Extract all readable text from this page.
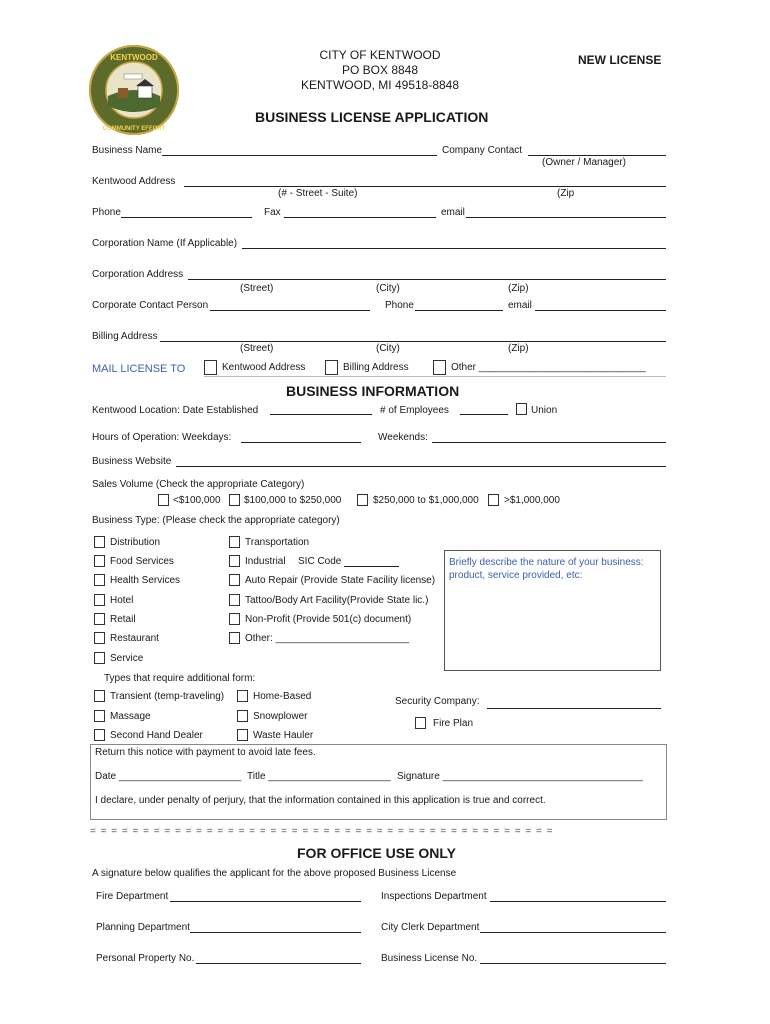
KENTWOOD
COMMUNITY EFFORT
CITY OF KENTWOOD
PO BOX 8848
KENTWOOD, MI 49518-8848
NEW LICENSE
BUSINESS LICENSE APPLICATION
Business Name	Company Contact
(Owner / Manager)
Kentwood Address
(# - Street - Suite)	(Zip
Phone	Fax	email
Corporation Name (If Applicable)
Corporation Address
(Street)	(City)	(Zip)
Corporate Contact Person	Phone	email
Billing Address
(Street)	(City)	(Zip)
MAIL LICENSE TO	Kentwood Address	Billing Address	Other ______________________________
BUSINESS INFORMATION
Kentwood Location: Date Established	# of Employees	Union
Hours of Operation: Weekdays:	Weekends:
Business Website
Sales Volume (Check the appropriate Category)
<$100,000 $100,000 to $250,000	$250,000 to $1,000,000	>$1,000,000
Business Type: (Please check the appropriate category)
Distribution
Food Services
Health Services
Hotel
Retail
Restaurant
Service
Transportation
Industrial SIC Code
Auto Repair (Provide State Facility license)
Tattoo/Body Art Facility(Provide State lic.)
Non-Profit (Provide 501(c) document)
Other: ________________________
Briefly describe the nature of your business: product, service provided, etc:
Types that require additional form:
Transient (temp-traveling)
Massage
Second Hand Dealer
Home-Based
Snowplower
Waste Hauler
Security Company:
Fire Plan
Return this notice with payment to avoid late fees.
Date ______________________ Title ______________________ Signature ____________________________________
I declare, under penalty of perjury, that the information contained in this application is true and correct.
= = = = = = = = = = = = = = = = = = = = = = = = = = = = = = = = = = = = = = = = = = = =
FOR OFFICE USE ONLY
A signature below qualifies the applicant for the above proposed Business License
Fire Department	Inspections Department
Planning Department	City Clerk Department
Personal Property No.	Business License No.
